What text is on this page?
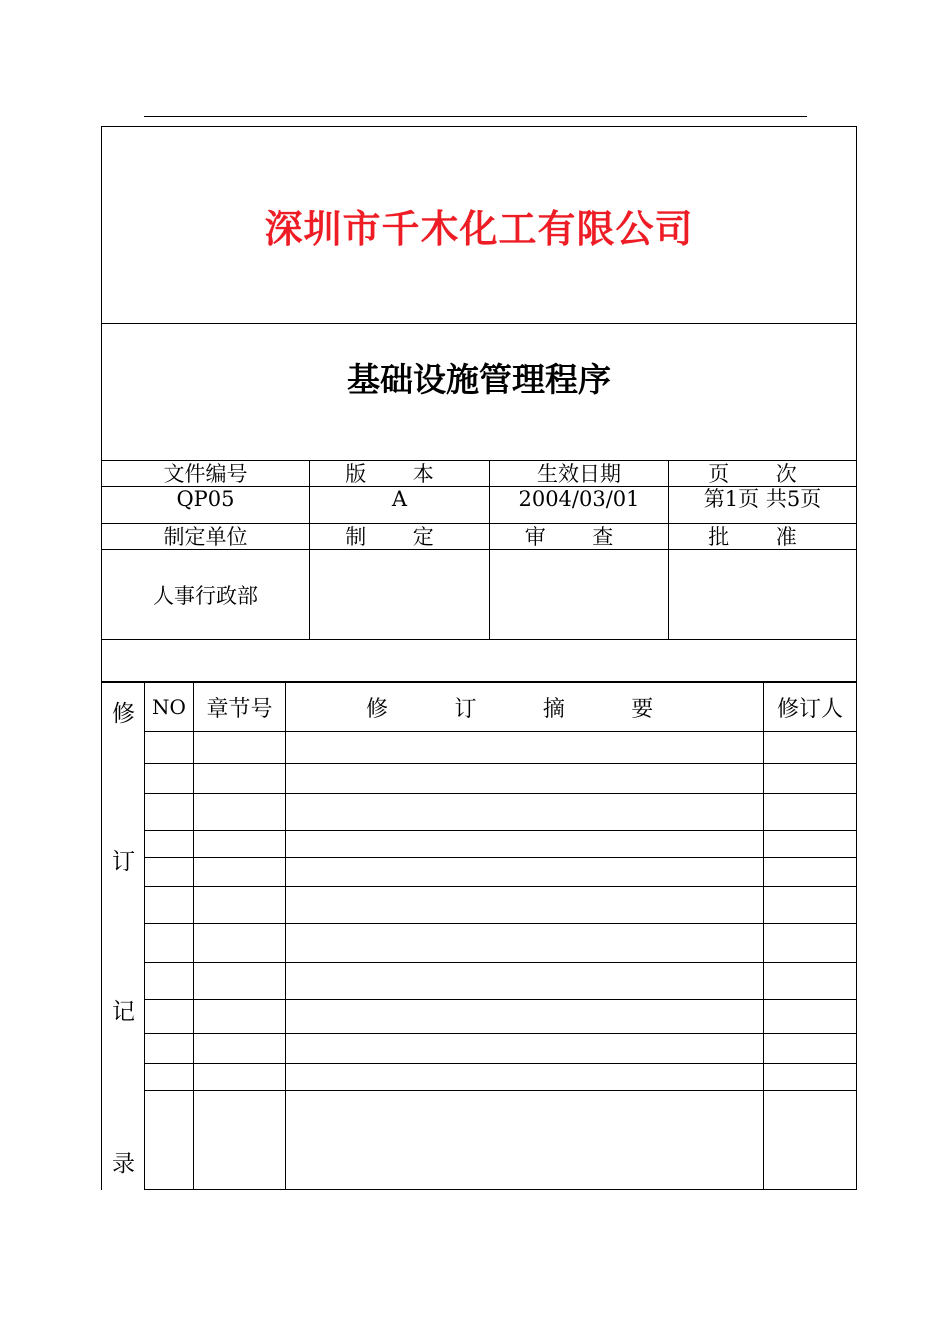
深圳市千木化工有限公司			
基础设施管理程序			
文件编号	版 本	生效日期	页 次
QP05	A	2004/03/01	第1页 共5页
制定单位	制 定	审 查	批 准
人事行政部			

修
订
记
录	NO	章节号	修 订 摘 要	修订人
